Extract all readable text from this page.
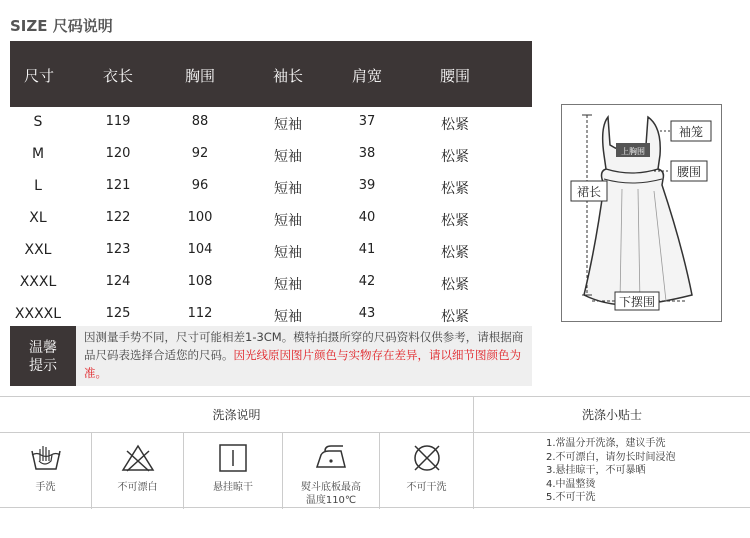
SIZE 尺码说明
尺寸	衣长	胸围	袖长	肩宽	腰围
S	119	88	短袖	37	松紧
M	120	92	短袖	38	松紧
L	121	96	短袖	39	松紧
XL	122	100	短袖	40	松紧
XXL	123	104	短袖	41	松紧
XXXL	124	108	短袖	42	松紧
XXXXL	125	112	短袖	43	松紧
温馨
提示
因测量手势不同，尺寸可能相差1-3CM。模特拍摄所穿的尺码资料仅供参考，请根据商品尺码表选择合适您的尺码。因光线原因图片颜色与实物存在差异，请以细节图颜色为准。
袖笼
上胸围
腰围
裙长
下摆围
洗涤说明	洗涤小贴士
手洗	不可漂白	悬挂晾干	熨斗底板最高
温度110℃
不可干洗
1.常温分开洗涤，建议手洗
2.不可漂白，请勿长时间浸泡
3.悬挂晾干，不可暴晒
4.中温整烫
5.不可干洗
